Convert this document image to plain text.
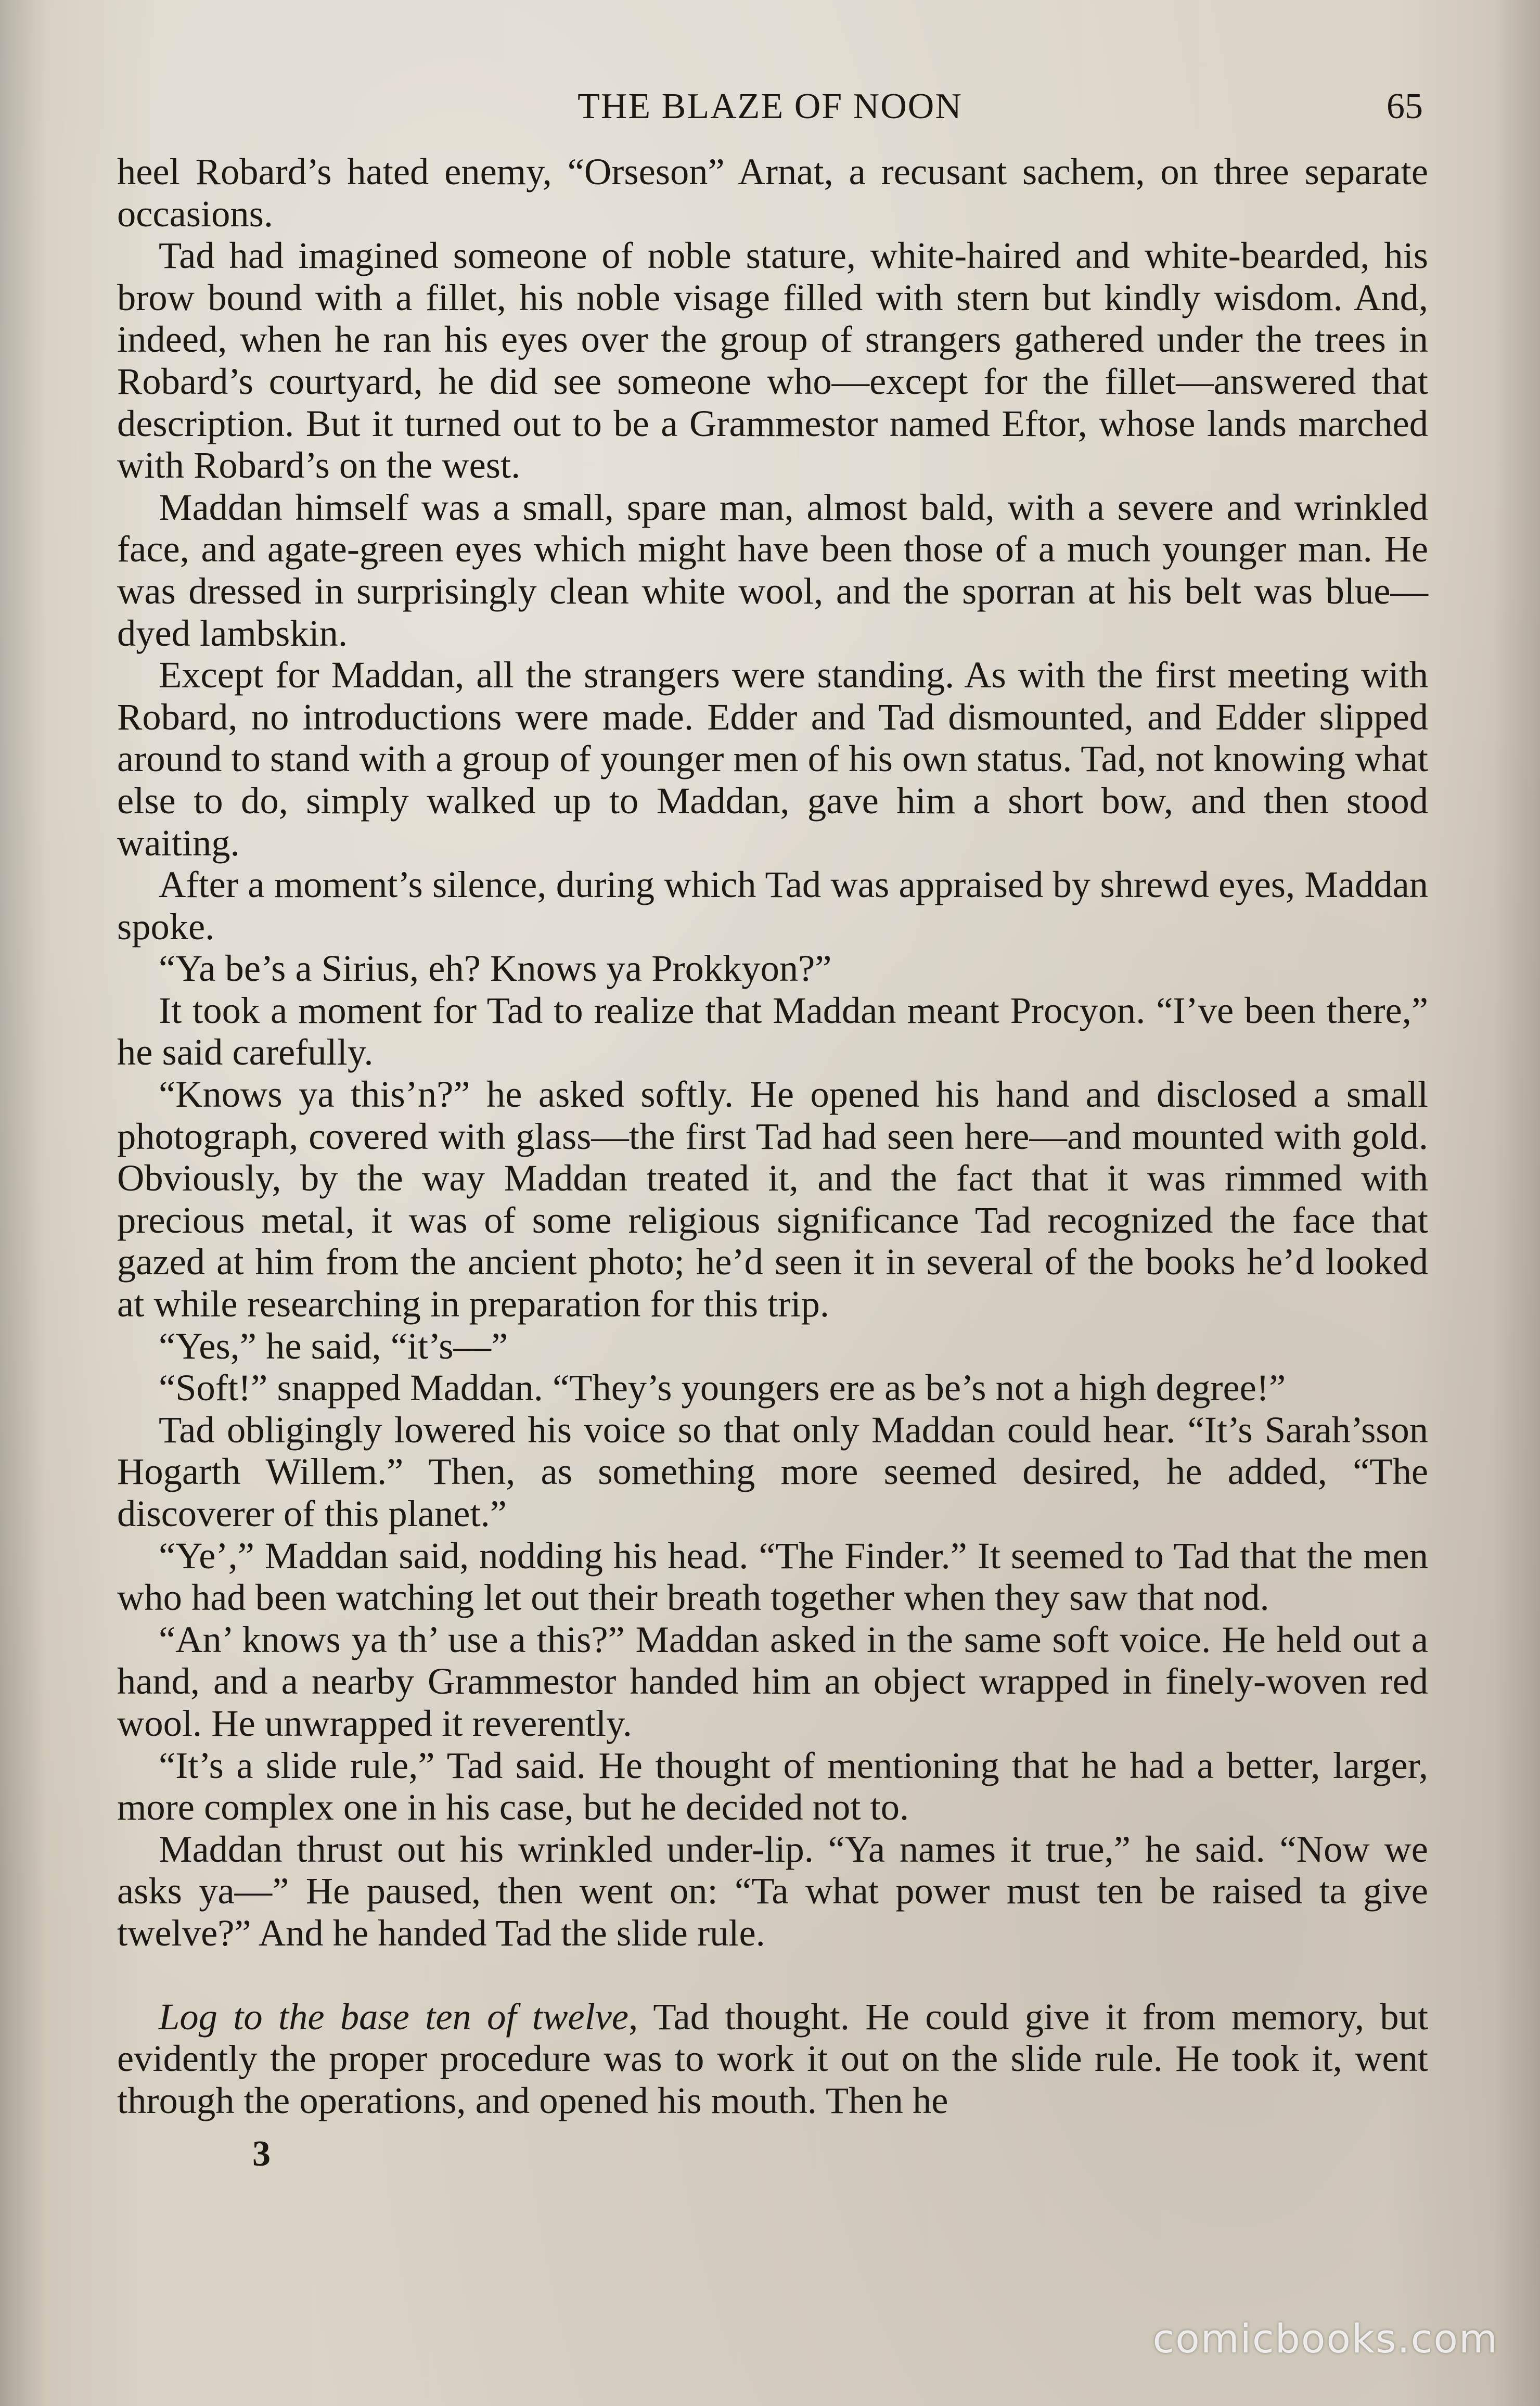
THE BLAZE OF NOON	65

heel Robard’s hated enemy, “Orseson” Arnat, a recusant sachem, on three separate occasions.

Tad had imagined someone of noble stature, white-haired and white-bearded, his brow bound with a fillet, his noble visage filled with stern but kindly wisdom. And, indeed, when he ran his eyes over the group of strangers gathered under the trees in Robard’s courtyard, he did see someone who—except for the fillet—answered that description. But it turned out to be a Grammestor named Eftor, whose lands marched with Robard’s on the west.

Maddan himself was a small, spare man, almost bald, with a severe and wrinkled face, and agate-green eyes which might have been those of a much younger man. He was dressed in surprisingly clean white wool, and the sporran at his belt was blue—dyed lambskin.

Except for Maddan, all the strangers were standing. As with the first meeting with Robard, no introductions were made. Edder and Tad dismounted, and Edder slipped around to stand with a group of younger men of his own status. Tad, not knowing what else to do, simply walked up to Maddan, gave him a short bow, and then stood waiting.

After a moment’s silence, during which Tad was appraised by shrewd eyes, Maddan spoke.

“Ya be’s a Sirius, eh? Knows ya Prokkyon?”

It took a moment for Tad to realize that Maddan meant Procyon. “I’ve been there,” he said carefully.

“Knows ya this’n?” he asked softly. He opened his hand and disclosed a small photograph, covered with glass—the first Tad had seen here—and mounted with gold. Obviously, by the way Maddan treated it, and the fact that it was rimmed with precious metal, it was of some religious significance Tad recognized the face that gazed at him from the ancient photo; he’d seen it in several of the books he’d looked at while researching in preparation for this trip.

“Yes,” he said, “it’s—”

“Soft!” snapped Maddan. “They’s youngers ere as be’s not a high degree!”

Tad obligingly lowered his voice so that only Maddan could hear. “It’s Sarah’sson Hogarth Willem.” Then, as something more seemed desired, he added, “The discoverer of this planet.”

“Ye’,” Maddan said, nodding his head. “The Finder.” It seemed to Tad that the men who had been watching let out their breath together when they saw that nod.

“An’ knows ya th’ use a this?” Maddan asked in the same soft voice. He held out a hand, and a nearby Grammestor handed him an object wrapped in finely-woven red wool. He unwrapped it reverently.

“It’s a slide rule,” Tad said. He thought of mentioning that he had a better, larger, more complex one in his case, but he decided not to.

Maddan thrust out his wrinkled under-lip. “Ya names it true,” he said. “Now we asks ya—” He paused, then went on: “Ta what power must ten be raised ta give twelve?” And he handed Tad the slide rule.

Log to the base ten of twelve, Tad thought. He could give it from memory, but evidently the proper procedure was to work it out on the slide rule. He took it, went through the operations, and opened his mouth. Then he

3
comicbooks.com
